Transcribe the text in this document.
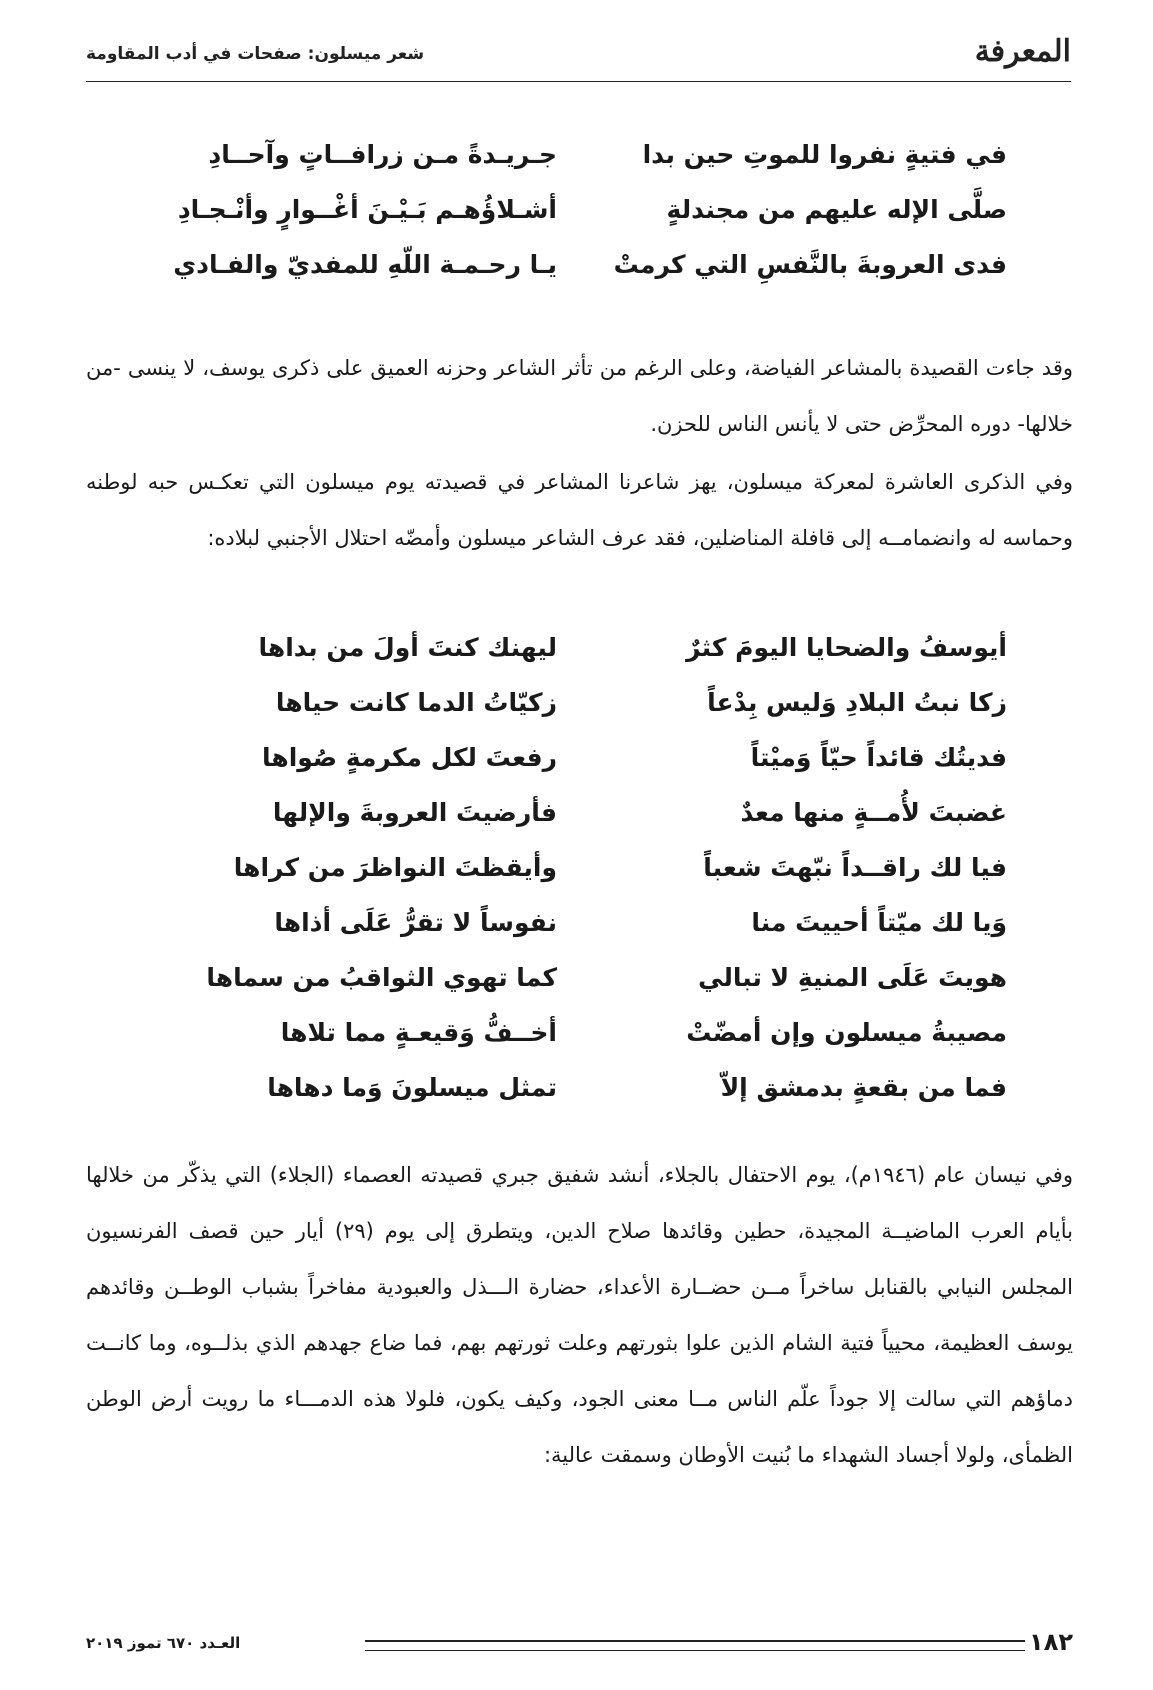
المعرفة
شعر ميسلون: صفحات في أدب المقاومة
في فتيةٍ نفروا للموتِ حين بدا
جـريـدةً مـن زرافــاتٍ وآحــادِ
صلَّى الإله عليهم من مجندلةٍ
أشـلاؤُهـم بَـيْـنَ أغْــوارٍ وأنْـجـادِ
فدى العروبةَ بالنَّفسِ التي كرمتْ
يـا رحـمـة اللّهِ للمفديّ والفـادي

وقد جاءت القصيدة بالمشاعر الفياضة، وعلى الرغم من تأثر الشاعر وحزنه العميق على ذكرى يوسف، لا ينسى -من خلالها- دوره المحرِّض حتى لا يأنس الناس للحزن.

وفي الذكرى العاشرة لمعركة ميسلون، يهز شاعرنا المشاعر في قصيدته يوم ميسلون التي تعكـس حبه لوطنه وحماسه له وانضمامــه إلى قافلة المناضلين، فقد عرف الشاعر ميسلون وأمضّه احتلال الأجنبي لبلاده:

أيوسفُ والضحايا اليومَ كثرٌ
ليهنك كنتَ أولَ من بداها
زكا نبتُ البلادِ وَليس بِدْعاً
زكيّاتُ الدما كانت حياها
فديتُك قائداً حيّاً وَميْتاً
رفعتَ لكل مكرمةٍ صُواها
غضبتَ لأُمــةٍ منها معدٌ
فأرضيتَ العروبةَ والإلها
فيا لك راقــداً نبّهتَ شعباً
وأيقظتَ النواظرَ من كراها
وَيا لك ميّتاً أحييتَ منا
نفوساً لا تقرُّ عَلَى أذاها
هويتَ عَلَى المنيةِ لا تبالي
كما تهوي الثواقبُ من سماها
مصيبةُ ميسلون وإن أمضّتْ
أخــفُّ وَقيعـةٍ مما تلاها
فما من بقعةٍ بدمشق إلاّ
تمثل ميسلونَ وَما دهاها

وفي نيسان عام (١٩٤٦م)، يوم الاحتفال بالجلاء، أنشد شفيق جبري قصيدته العصماء (الجلاء) التي يذكّر من خلالها بأيام العرب الماضيــة المجيدة، حطين وقائدها صلاح الدين، ويتطرق إلى يوم (٢٩) أيار حين قصف الفرنسيون المجلس النيابي بالقنابل ساخراً مــن حضــارة الأعداء، حضارة الـــذل والعبودية مفاخراً بشباب الوطــن وقائدهم يوسف العظيمة، محيياً فتية الشام الذين علوا بثورتهم وعلت ثورتهم بهم، فما ضاع جهدهم الذي بذلــوه، وما كانــت دماؤهم التي سالت إلا جوداً علّم الناس مــا معنى الجود، وكيف يكون، فلولا هذه الدمـــاء ما رويت أرض الوطن الظمأى، ولولا أجساد الشهداء ما بُنيت الأوطان وسمقت عالية:

١٨٢
العـدد ٦٧٠ تموز ٢٠١٩
